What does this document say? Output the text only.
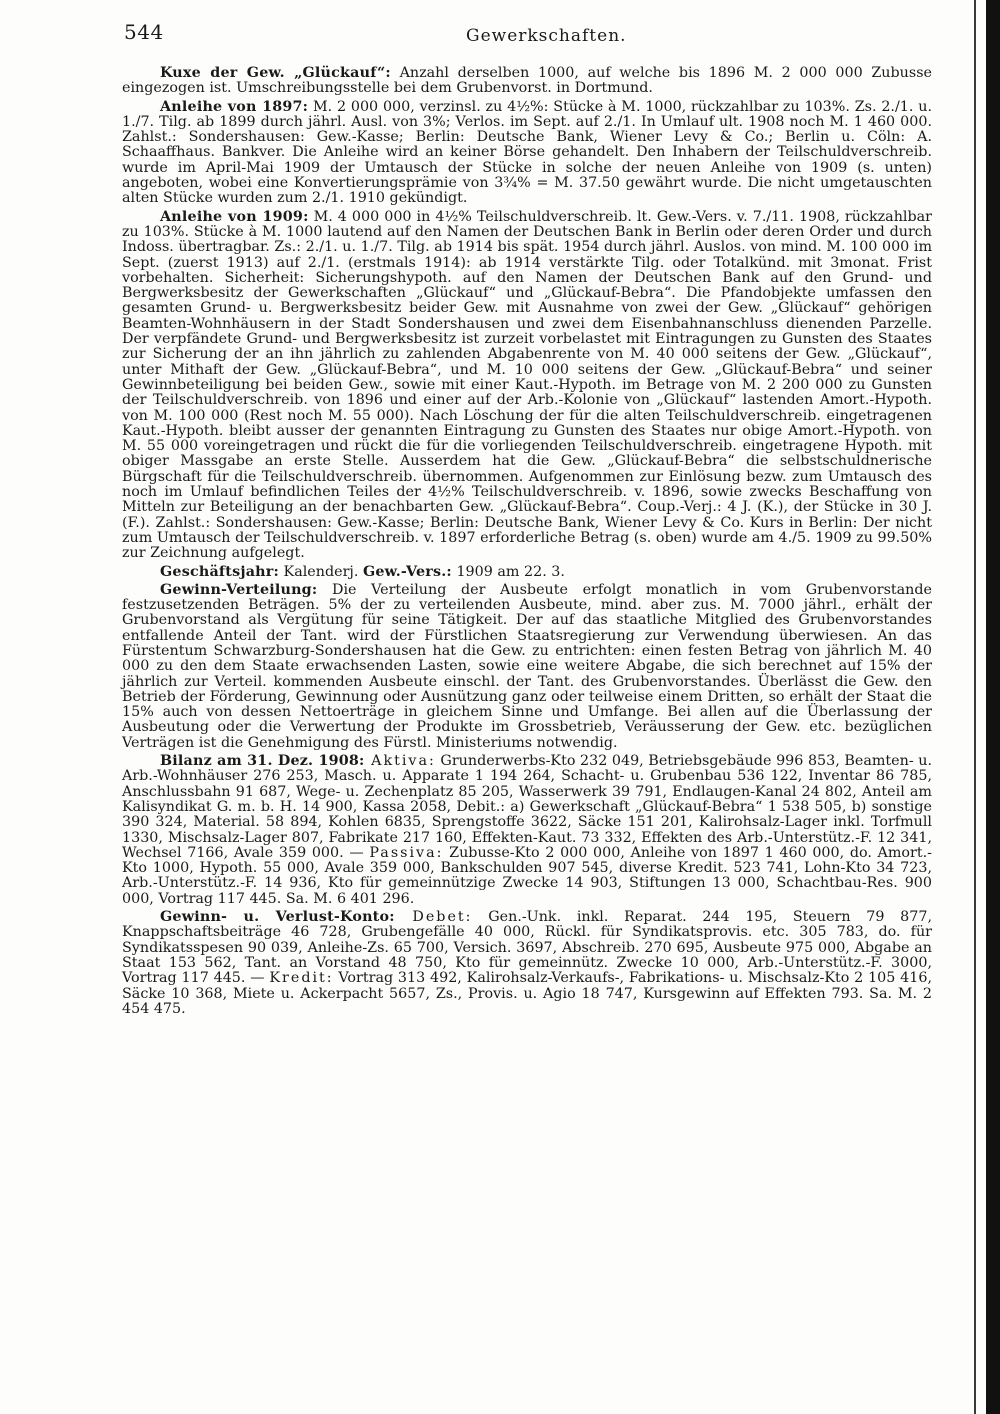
544	Gewerkschaften.

Kuxe der Gew. „Glückauf“: Anzahl derselben 1000, auf welche bis 1896 M. 2 000 000 Zubusse eingezogen ist. Umschreibungsstelle bei dem Grubenvorst. in Dortmund.

Anleihe von 1897: M. 2 000 000, verzinsl. zu 4½%: Stücke à M. 1000, rückzahlbar zu 103%. Zs. 2./1. u. 1./7. Tilg. ab 1899 durch jährl. Ausl. von 3%; Verlos. im Sept. auf 2./1. In Umlauf ult. 1908 noch M. 1 460 000. Zahlst.: Sondershausen: Gew.-Kasse; Berlin: Deutsche Bank, Wiener Levy & Co.; Berlin u. Cöln: A. Schaaffhaus. Bankver. Die Anleihe wird an keiner Börse gehandelt. Den Inhabern der Teilschuldverschreib. wurde im April-Mai 1909 der Umtausch der Stücke in solche der neuen Anleihe von 1909 (s. unten) angeboten, wobei eine Konvertierungsprämie von 3¾% = M. 37.50 gewährt wurde. Die nicht umgetauschten alten Stücke wurden zum 2./1. 1910 gekündigt.

Anleihe von 1909: M. 4 000 000 in 4½% Teilschuldverschreib. lt. Gew.-Vers. v. 7./11. 1908, rückzahlbar zu 103%. Stücke à M. 1000 lautend auf den Namen der Deutschen Bank in Berlin oder deren Order und durch Indoss. übertragbar. Zs.: 2./1. u. 1./7. Tilg. ab 1914 bis spät. 1954 durch jährl. Auslos. von mind. M. 100 000 im Sept. (zuerst 1913) auf 2./1. (erstmals 1914): ab 1914 verstärkte Tilg. oder Totalkünd. mit 3monat. Frist vorbehalten. Sicherheit: Sicherungshypoth. auf den Namen der Deutschen Bank auf den Grund- und Bergwerksbesitz der Gewerkschaften „Glückauf“ und „Glückauf-Bebra“. Die Pfandobjekte umfassen den gesamten Grund- u. Bergwerksbesitz beider Gew. mit Ausnahme von zwei der Gew. „Glückauf“ gehörigen Beamten-Wohnhäusern in der Stadt Sondershausen und zwei dem Eisenbahnanschluss dienenden Parzelle. Der verpfändete Grund- und Bergwerksbesitz ist zurzeit vorbelastet mit Eintragungen zu Gunsten des Staates zur Sicherung der an ihn jährlich zu zahlenden Abgabenrente von M. 40 000 seitens der Gew. „Glückauf“, unter Mithaft der Gew. „Glückauf-Bebra“, und M. 10 000 seitens der Gew. „Glückauf-Bebra“ und seiner Gewinnbeteiligung bei beiden Gew., sowie mit einer Kaut.-Hypoth. im Betrage von M. 2 200 000 zu Gunsten der Teilschuldverschreib. von 1896 und einer auf der Arb.-Kolonie von „Glückauf“ lastenden Amort.-Hypoth. von M. 100 000 (Rest noch M. 55 000). Nach Löschung der für die alten Teilschuldverschreib. eingetragenen Kaut.-Hypoth. bleibt ausser der genannten Eintragung zu Gunsten des Staates nur obige Amort.-Hypoth. von M. 55 000 voreingetragen und rückt die für die vorliegenden Teilschuldverschreib. eingetragene Hypoth. mit obiger Massgabe an erste Stelle. Ausserdem hat die Gew. „Glückauf-Bebra“ die selbstschuldnerische Bürgschaft für die Teilschuldverschreib. übernommen. Aufgenommen zur Einlösung bezw. zum Umtausch des noch im Umlauf befindlichen Teiles der 4½% Teilschuldverschreib. v. 1896, sowie zwecks Beschaffung von Mitteln zur Beteiligung an der benachbarten Gew. „Glückauf-Bebra“. Coup.-Verj.: 4 J. (K.), der Stücke in 30 J. (F.). Zahlst.: Sondershausen: Gew.-Kasse; Berlin: Deutsche Bank, Wiener Levy & Co. Kurs in Berlin: Der nicht zum Umtausch der Teilschuldverschreib. v. 1897 erforderliche Betrag (s. oben) wurde am 4./5. 1909 zu 99.50% zur Zeichnung aufgelegt.

Geschäftsjahr: Kalenderj. Gew.-Vers.: 1909 am 22. 3.

Gewinn-Verteilung: Die Verteilung der Ausbeute erfolgt monatlich in vom Grubenvorstande festzusetzenden Beträgen. 5% der zu verteilenden Ausbeute, mind. aber zus. M. 7000 jährl., erhält der Grubenvorstand als Vergütung für seine Tätigkeit. Der auf das staatliche Mitglied des Grubenvorstandes entfallende Anteil der Tant. wird der Fürstlichen Staatsregierung zur Verwendung überwiesen. An das Fürstentum Schwarzburg-Sondershausen hat die Gew. zu entrichten: einen festen Betrag von jährlich M. 40 000 zu den dem Staate erwachsenden Lasten, sowie eine weitere Abgabe, die sich berechnet auf 15% der jährlich zur Verteil. kommenden Ausbeute einschl. der Tant. des Grubenvorstandes. Überlässt die Gew. den Betrieb der Förderung, Gewinnung oder Ausnützung ganz oder teilweise einem Dritten, so erhält der Staat die 15% auch von dessen Nettoerträge in gleichem Sinne und Umfange. Bei allen auf die Überlassung der Ausbeutung oder die Verwertung der Produkte im Grossbetrieb, Veräusserung der Gew. etc. bezüglichen Verträgen ist die Genehmigung des Fürstl. Ministeriums notwendig.

Bilanz am 31. Dez. 1908: Aktiva: Grunderwerbs-Kto 232 049, Betriebsgebäude 996 853, Beamten- u. Arb.-Wohnhäuser 276 253, Masch. u. Apparate 1 194 264, Schacht- u. Grubenbau 536 122, Inventar 86 785, Anschlussbahn 91 687, Wege- u. Zechenplatz 85 205, Wasserwerk 39 791, Endlaugen-Kanal 24 802, Anteil am Kalisyndikat G. m. b. H. 14 900, Kassa 2058, Debit.: a) Gewerkschaft „Glückauf-Bebra“ 1 538 505, b) sonstige 390 324, Material. 58 894, Kohlen 6835, Sprengstoffe 3622, Säcke 151 201, Kalirohsalz-Lager inkl. Torfmull 1330, Mischsalz-Lager 807, Fabrikate 217 160, Effekten-Kaut. 73 332, Effekten des Arb.-Unterstütz.-F. 12 341, Wechsel 7166, Avale 359 000. — Passiva: Zubusse-Kto 2 000 000, Anleihe von 1897 1 460 000, do. Amort.-Kto 1000, Hypoth. 55 000, Avale 359 000, Bankschulden 907 545, diverse Kredit. 523 741, Lohn-Kto 34 723, Arb.-Unterstütz.-F. 14 936, Kto für gemeinnützige Zwecke 14 903, Stiftungen 13 000, Schachtbau-Res. 900 000, Vortrag 117 445. Sa. M. 6 401 296.

Gewinn- u. Verlust-Konto: Debet: Gen.-Unk. inkl. Reparat. 244 195, Steuern 79 877, Knappschaftsbeiträge 46 728, Grubengefälle 40 000, Rückl. für Syndikatsprovis. etc. 305 783, do. für Syndikatsspesen 90 039, Anleihe-Zs. 65 700, Versich. 3697, Abschreib. 270 695, Ausbeute 975 000, Abgabe an Staat 153 562, Tant. an Vorstand 48 750, Kto für gemeinnütz. Zwecke 10 000, Arb.-Unterstütz.-F. 3000, Vortrag 117 445. — Kredit: Vortrag 313 492, Kalirohsalz-Verkaufs-, Fabrikations- u. Mischsalz-Kto 2 105 416, Säcke 10 368, Miete u. Ackerpacht 5657, Zs., Provis. u. Agio 18 747, Kursgewinn auf Effekten 793. Sa. M. 2 454 475.
